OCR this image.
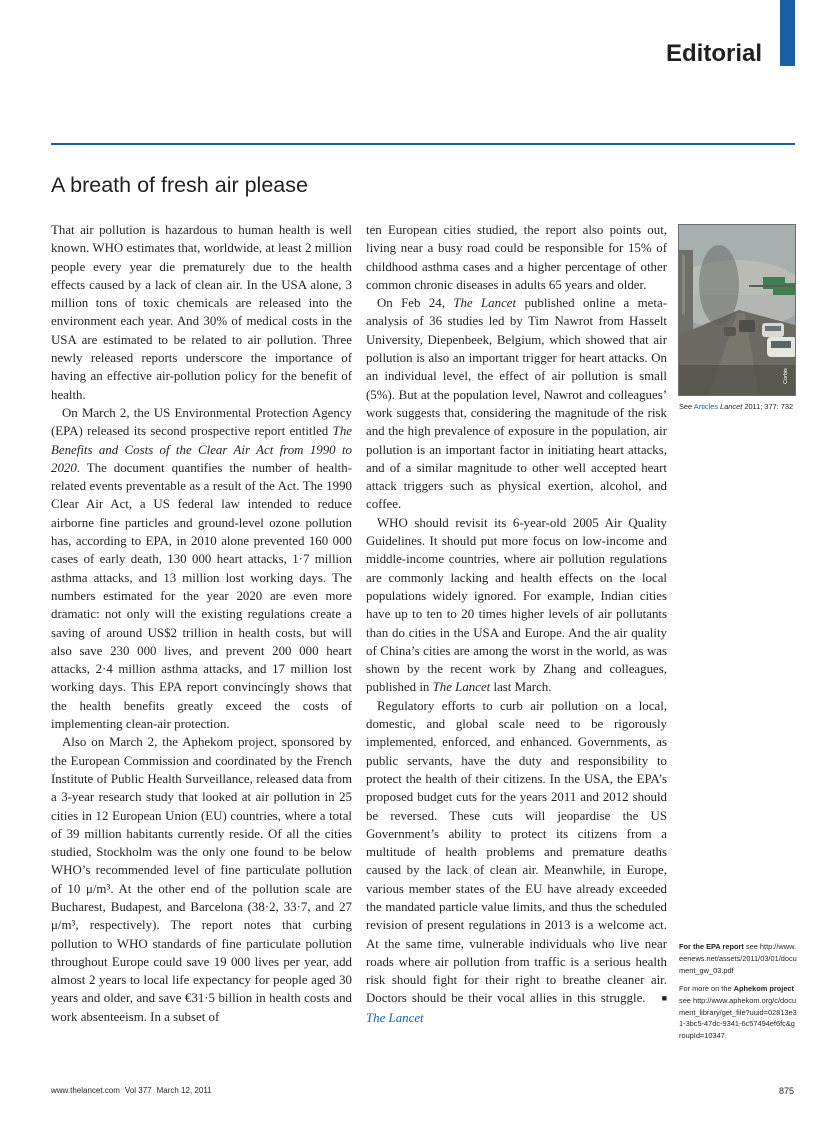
Editorial
A breath of fresh air please

That air pollution is hazardous to human health is well known. WHO estimates that, worldwide, at least 2 million people every year die prematurely due to the health effects caused by a lack of clean air. In the USA alone, 3 million tons of toxic chemicals are released into the environment each year. And 30% of medical costs in the USA are estimated to be related to air pollution. Three newly released reports underscore the importance of having an effective air-pollution policy for the benefit of health.

On March 2, the US Environmental Protection Agency (EPA) released its second prospective report entitled The Benefits and Costs of the Clear Air Act from 1990 to 2020. The document quantifies the number of health-related events preventable as a result of the Act. The 1990 Clear Air Act, a US federal law intended to reduce airborne fine particles and ground-level ozone pollution has, according to EPA, in 2010 alone prevented 160 000 cases of early death, 130 000 heart attacks, 1·7 million asthma attacks, and 13 million lost working days. The numbers estimated for the year 2020 are even more dramatic: not only will the existing regulations create a saving of around US$2 trillion in health costs, but will also save 230 000 lives, and prevent 200 000 heart attacks, 2·4 million asthma attacks, and 17 million lost working days. This EPA report convincingly shows that the health benefits greatly exceed the costs of implementing clean-air protection.

Also on March 2, the Aphekom project, sponsored by the European Commission and coordinated by the French Institute of Public Health Surveillance, released data from a 3-year research study that looked at air pollution in 25 cities in 12 European Union (EU) countries, where a total of 39 million habitants currently reside. Of all the cities studied, Stockholm was the only one found to be below WHO’s recommended level of fine particulate pollution of 10 μ/m³. At the other end of the pollution scale are Bucharest, Budapest, and Barcelona (38·2, 33·7, and 27 μ/m³, respectively). The report notes that curbing pollution to WHO standards of fine particulate pollution throughout Europe could save 19 000 lives per year, add almost 2 years to local life expectancy for people aged 30 years and older, and save €31·5 billion in health costs and work absenteeism. In a subset of

ten European cities studied, the report also points out, living near a busy road could be responsible for 15% of childhood asthma cases and a higher percentage of other common chronic diseases in adults 65 years and older.

On Feb 24, The Lancet published online a meta-analysis of 36 studies led by Tim Nawrot from Hasselt University, Diepenbeek, Belgium, which showed that air pollution is also an important trigger for heart attacks. On an individual level, the effect of air pollution is small (5%). But at the population level, Nawrot and colleagues’ work suggests that, considering the magnitude of the risk and the high prevalence of exposure in the population, air pollution is an important factor in initiating heart attacks, and of a similar magnitude to other well accepted heart attack triggers such as physical exertion, alcohol, and coffee.

WHO should revisit its 6-year-old 2005 Air Quality Guidelines. It should put more focus on low-income and middle-income countries, where air pollution regulations are commonly lacking and health effects on the local populations widely ignored. For example, Indian cities have up to ten to 20 times higher levels of air pollutants than do cities in the USA and Europe. And the air quality of China’s cities are among the worst in the world, as was shown by the recent work by Zhang and colleagues, published in The Lancet last March.

Regulatory efforts to curb air pollution on a local, domestic, and global scale need to be rigorously implemented, enforced, and enhanced. Governments, as public servants, have the duty and responsibility to protect the health of their citizens. In the USA, the EPA’s proposed budget cuts for the years 2011 and 2012 should be reversed. These cuts will jeopardise the US Government’s ability to protect its citizens from a multitude of health problems and premature deaths caused by the lack of clean air. Meanwhile, in Europe, various member states of the EU have already exceeded the mandated particle value limits, and thus the scheduled revision of present regulations in 2013 is a welcome act. At the same time, vulnerable individuals who live near roads where air pollution from traffic is a serious health risk should fight for their right to breathe cleaner air. Doctors should be their vocal allies in this struggle. ■ The Lancet

Corbis
See Articles Lancet 2011; 377: 732
For the EPA report see http://www.eenews.net/assets/2011/03/01/document_gw_03.pdf
For more on the Aphekom project see http://www.aphekom.org/c/document_library/get_file?uuid=02813e31-3bc5-47dc-9341-6c57494ef6fc&groupId=10347
www.thelancet.com Vol 377 March 12, 2011	875
